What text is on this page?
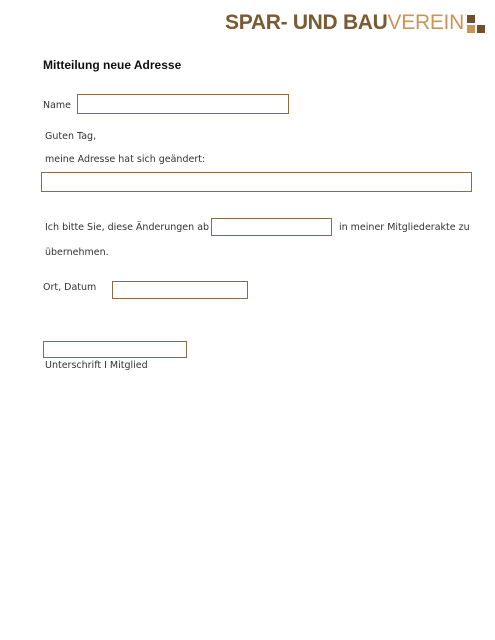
SPAR- UND BAU VEREIN
Mitteilung neue Adresse
Name
Guten Tag,
meine Adresse hat sich geändert:
Ich bitte Sie, diese Änderungen ab	in meiner Mitgliederakte zu
übernehmen.
Ort, Datum
Unterschrift I Mitglied
